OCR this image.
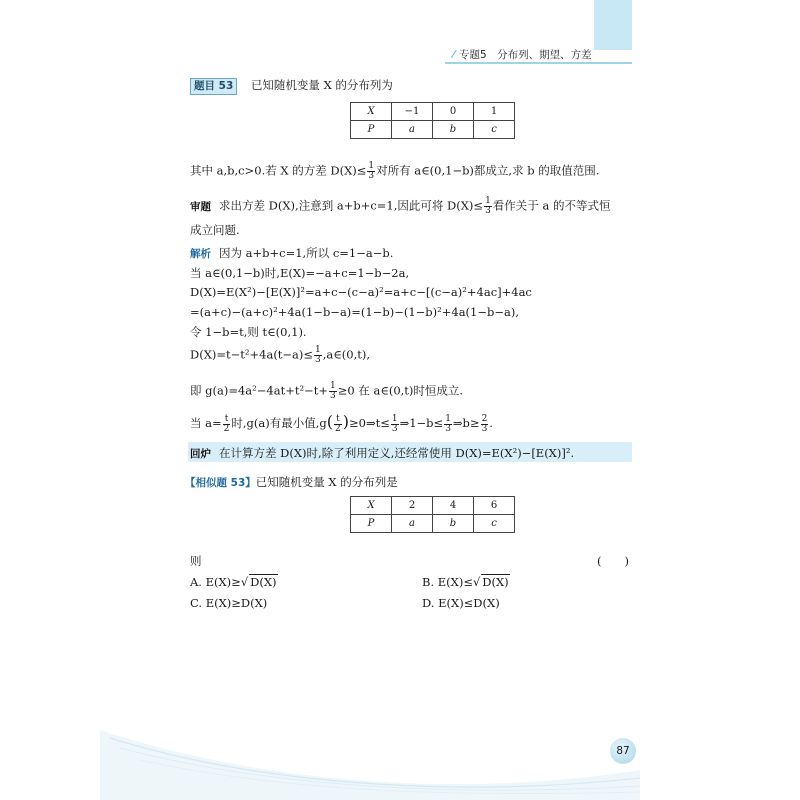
专题5　分布列、期望、方差
题目 53 已知随机变量 X 的分布列为
X	−1	0	1
P	a	b	c
其中 a,b,c>0.若 X 的方差 $D(X)\le \frac{1}{3}$ 对所有 a∈(0,1−b)都成立,求 b 的取值范围.
审题 求出方差 D(X),注意到 a+b+c=1,因此可将 $D(X)\le \frac{1}{3}$ 看作关于 a 的不等式恒
成立问题.
解析 因为 a+b+c=1,所以 c=1−a−b.
当 a∈(0,1−b)时,E(X)=−a+c=1−b−2a,
D(X)=E(X²)−[E(X)]²=a+c−(c−a)²=a+c−[(c−a)²+4ac]+4ac
=(a+c)−(a+c)²+4a(1−b−a)=(1−b)−(1−b)²+4a(1−b−a),
令 1−b=t,则 t∈(0,1).
$D(X)=t-t^2+4a(t-a)\le \frac{1}{3}$ ,a∈(0,t),
即 $g(a)=4a^2-4at+t^2-t+ \frac{1}{3} \ge 0$ 在 a∈(0,t)时恒成立.
当 $a= \frac{t}{2}$ 时,g(a)有最小值$,g( \frac{t}{2}$ )≥0⇒t≤ $\frac{1}{3}$ ⇒1−b≤ $\frac{1}{3}$ ⇒b≥ $\frac{2}{3}$ .
回炉 在计算方差 D(X)时,除了利用定义,还经常使用 D(X)=E(X²)−[E(X)]².
【相似题 53】已知随机变量 X 的分布列是
X	2	4	6
P	a	b	c
则	(　　)
A. E(X)≥√ D(X)	B. E(X)≤√ D(X)
C. E(X)≥D(X)	D. E(X)≤D(X)
87
